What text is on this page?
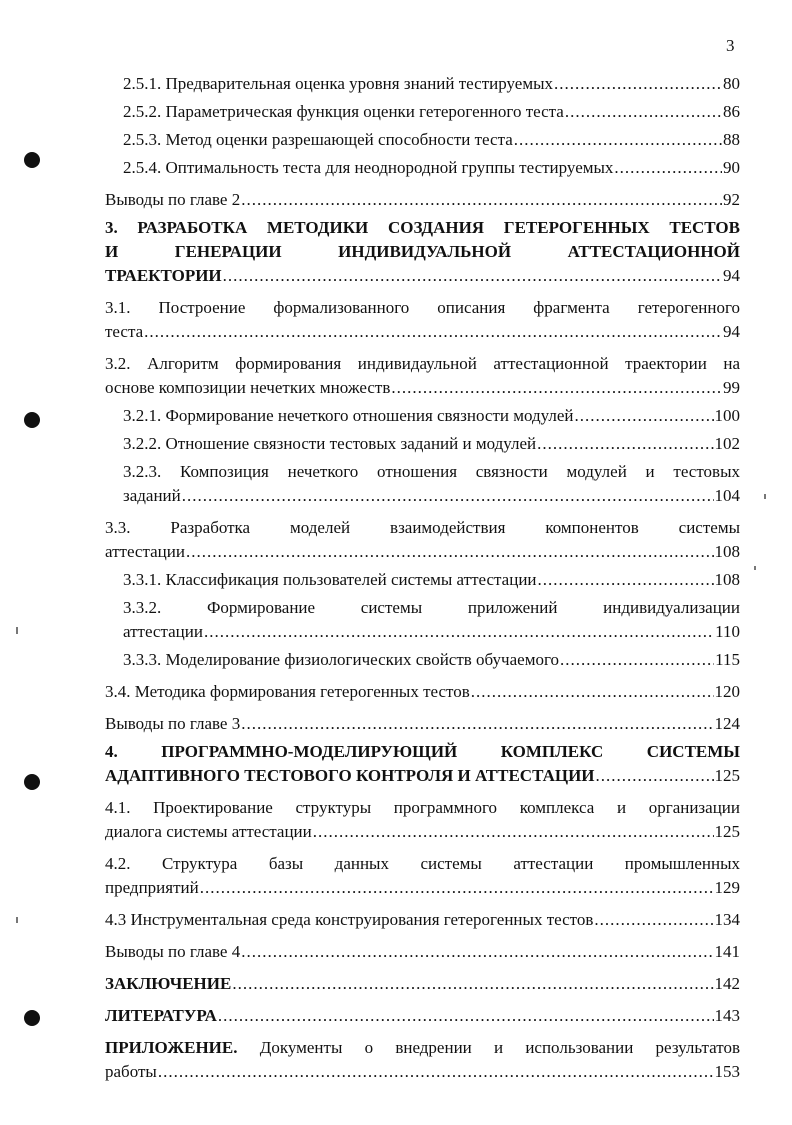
3
2.5.1. Предварительная оценка уровня знаний тестируемых .....	80
2.5.2. Параметрическая функция оценки гетерогенного теста .....	86
2.5.3. Метод оценки разрешающей способности теста .....	88
2.5.4. Оптимальность теста для неоднородной группы тестируемых .....	90
Выводы по главе 2 .....	92
3. РАЗРАБОТКА МЕТОДИКИ СОЗДАНИЯ ГЕТЕРОГЕННЫХ ТЕСТОВ
И ГЕНЕРАЦИИ ИНДИВИДУАЛЬНОЙ АТТЕСТАЦИОННОЙ
ТРАЕКТОРИИ .....	94
3.1. Построение формализованного описания фрагмента гетерогенного
теста .....	94
3.2. Алгоритм формирования индивидаульной аттестационной траектории на
основе композиции нечетких множеств .....	99
3.2.1. Формирование нечеткого отношения связности модулей .....	100
3.2.2. Отношение связности тестовых заданий и модулей .....	102
3.2.3. Композиция нечеткого отношения связности модулей и тестовых
заданий .....	104
3.3. Разработка моделей взаимодействия компонентов системы
аттестации .....	108
3.3.1. Классификация пользователей системы аттестации .....	108
3.3.2. Формирование системы приложений индивидуализации
аттестации .....	110
3.3.3. Моделирование физиологических свойств обучаемого .....	115
3.4. Методика формирования гетерогенных тестов .....	120
Выводы по главе 3 .....	124
4. ПРОГРАММНО-МОДЕЛИРУЮЩИЙ КОМПЛЕКС СИСТЕМЫ
АДАПТИВНОГО ТЕСТОВОГО КОНТРОЛЯ И АТТЕСТАЦИИ .....	125
4.1. Проектирование структуры программного комплекса и организации
диалога системы аттестации .....	125
4.2. Структура базы данных системы аттестации промышленных
предприятий .....	129
4.3 Инструментальная среда конструирования гетерогенных тестов .....	134
Выводы по главе 4 .....	141
ЗАКЛЮЧЕНИЕ .....	142
ЛИТЕРАТУРА .....	143
ПРИЛОЖЕНИЕ. Документы о внедрении и использовании результатов
работы .....	153
